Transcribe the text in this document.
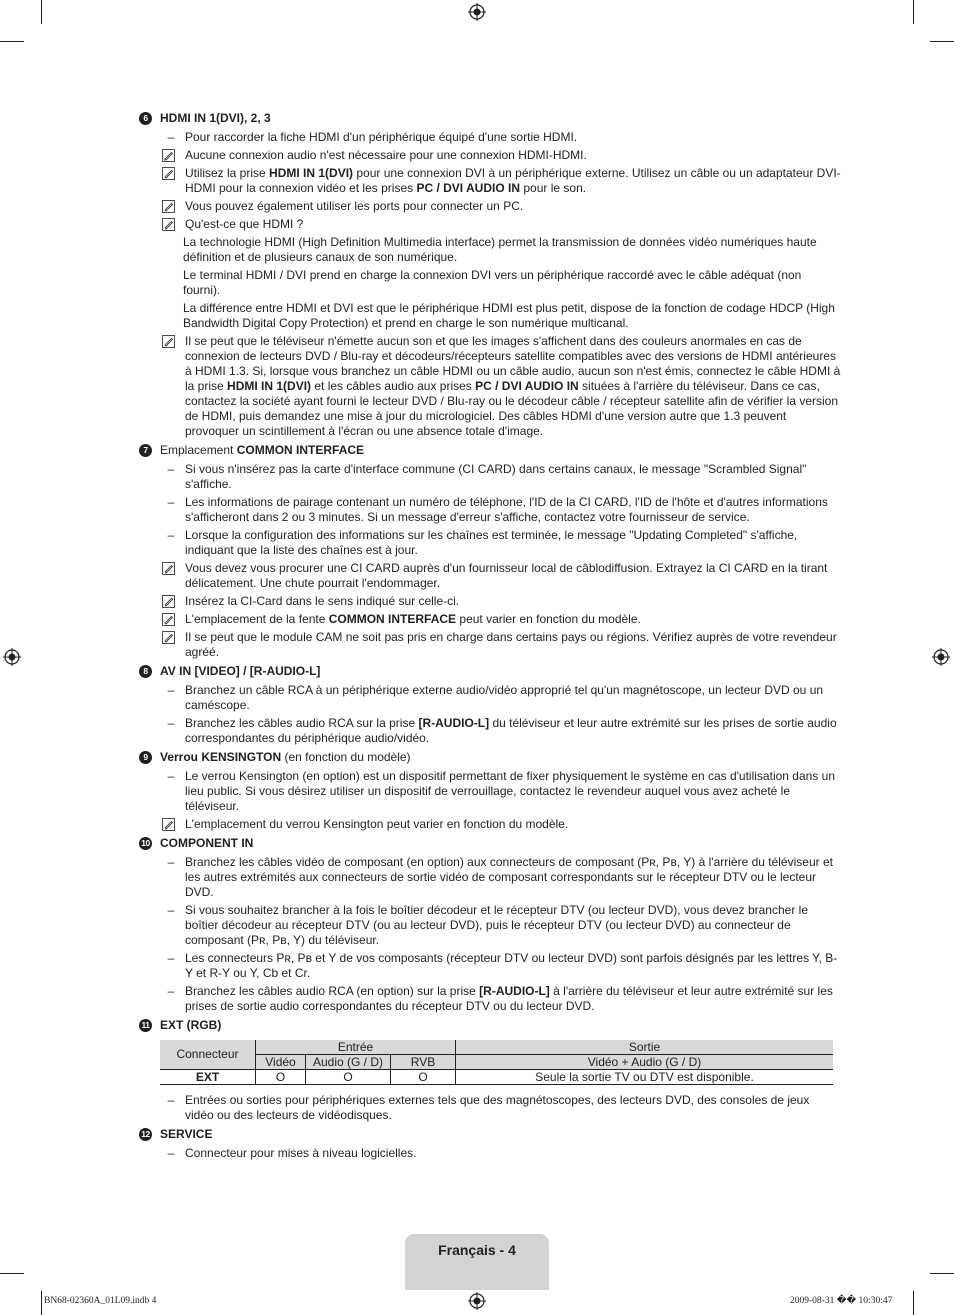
6	HDMI IN 1(DVI), 2, 3
– Pour raccorder la fiche HDMI d'un périphérique équipé d'une sortie HDMI.
Aucune connexion audio n'est nécessaire pour une connexion HDMI-HDMI.
Utilisez la prise HDMI IN 1(DVI) pour une connexion DVI à un périphérique externe. Utilisez un câble ou un adaptateur DVI-HDMI pour la connexion vidéo et les prises PC / DVI AUDIO IN pour le son.
Vous pouvez également utiliser les ports pour connecter un PC.
Qu'est-ce que HDMI ?
La technologie HDMI (High Definition Multimedia interface) permet la transmission de données vidéo numériques haute définition et de plusieurs canaux de son numérique.
Le terminal HDMI / DVI prend en charge la connexion DVI vers un périphérique raccordé avec le câble adéquat (non fourni).
La différence entre HDMI et DVI est que le périphérique HDMI est plus petit, dispose de la fonction de codage HDCP (High Bandwidth Digital Copy Protection) et prend en charge le son numérique multicanal.
Il se peut que le téléviseur n'émette aucun son et que les images s'affichent dans des couleurs anormales en cas de connexion de lecteurs DVD / Blu-ray et décodeurs/récepteurs satellite compatibles avec des versions de HDMI antérieures à HDMI 1.3. Si, lorsque vous branchez un câble HDMI ou un câble audio, aucun son n'est émis, connectez le câble HDMI à la prise HDMI IN 1(DVI) et les câbles audio aux prises PC / DVI AUDIO IN situées à l'arrière du téléviseur. Dans ce cas, contactez la société ayant fourni le lecteur DVD / Blu-ray ou le décodeur câble / récepteur satellite afin de vérifier la version de HDMI, puis demandez une mise à jour du micrologiciel. Des câbles HDMI d'une version autre que 1.3 peuvent provoquer un scintillement à l'écran ou une absence totale d'image.
7	Emplacement COMMON INTERFACE
– Si vous n'insérez pas la carte d'interface commune (CI CARD) dans certains canaux, le message "Scrambled Signal" s'affiche.
– Les informations de pairage contenant un numéro de téléphone, l'ID de la CI CARD, l'ID de l'hôte et d'autres informations s'afficheront dans 2 ou 3 minutes. Si un message d'erreur s'affiche, contactez votre fournisseur de service.
– Lorsque la configuration des informations sur les chaînes est terminée, le message "Updating Completed" s'affiche, indiquant que la liste des chaînes est à jour.
Vous devez vous procurer une CI CARD auprès d'un fournisseur local de câblodiffusion. Extrayez la CI CARD en la tirant délicatement. Une chute pourrait l'endommager.
Insérez la CI-Card dans le sens indiqué sur celle-ci.
L'emplacement de la fente COMMON INTERFACE peut varier en fonction du modèle.
Il se peut que le module CAM ne soit pas pris en charge dans certains pays ou régions. Vérifiez auprès de votre revendeur agréé.
8	AV IN [VIDEO] / [R-AUDIO-L]
– Branchez un câble RCA à un périphérique externe audio/vidéo approprié tel qu'un magnétoscope, un lecteur DVD ou un caméscope.
– Branchez les câbles audio RCA sur la prise [R-AUDIO-L] du téléviseur et leur autre extrémité sur les prises de sortie audio correspondantes du périphérique audio/vidéo.
9	Verrou KENSINGTON (en fonction du modèle)
– Le verrou Kensington (en option) est un dispositif permettant de fixer physiquement le système en cas d'utilisation dans un lieu public. Si vous désirez utiliser un dispositif de verrouillage, contactez le revendeur auquel vous avez acheté le téléviseur.
L'emplacement du verrou Kensington peut varier en fonction du modèle.
10 COMPONENT IN
– Branchez les câbles vidéo de composant (en option) aux connecteurs de composant (Pʀ, Pʙ, Y) à l'arrière du téléviseur et les autres extrémités aux connecteurs de sortie vidéo de composant correspondants sur le récepteur DTV ou le lecteur DVD.
– Si vous souhaitez brancher à la fois le boîtier décodeur et le récepteur DTV (ou lecteur DVD), vous devez brancher le boîtier décodeur au récepteur DTV (ou au lecteur DVD), puis le récepteur DTV (ou lecteur DVD) au connecteur de composant (Pʀ, Pʙ, Y) du téléviseur.
– Les connecteurs Pʀ, Pʙ et Y de vos composants (récepteur DTV ou lecteur DVD) sont parfois désignés par les lettres Y, B-Y et R-Y ou Y, Cb et Cr.
– Branchez les câbles audio RCA (en option) sur la prise [R-AUDIO-L] à l'arrière du téléviseur et leur autre extrémité sur les prises de sortie audio correspondantes du récepteur DTV ou du lecteur DVD.
11 EXT (RGB)
Connecteur	Entrée			Sortie
	Vidéo	Audio (G / D)	RVB	Vidéo + Audio (G / D)
EXT	O	O	O	Seule la sortie TV ou DTV est disponible.
– Entrées ou sorties pour périphériques externes tels que des magnétoscopes, des lecteurs DVD, des consoles de jeux vidéo ou des lecteurs de vidéodisques.
12 SERVICE
– Connecteur pour mises à niveau logicielles.
Français - 4
BN68-02360A_01L09.indb 4	2009-08-31 �� 10:30:47
